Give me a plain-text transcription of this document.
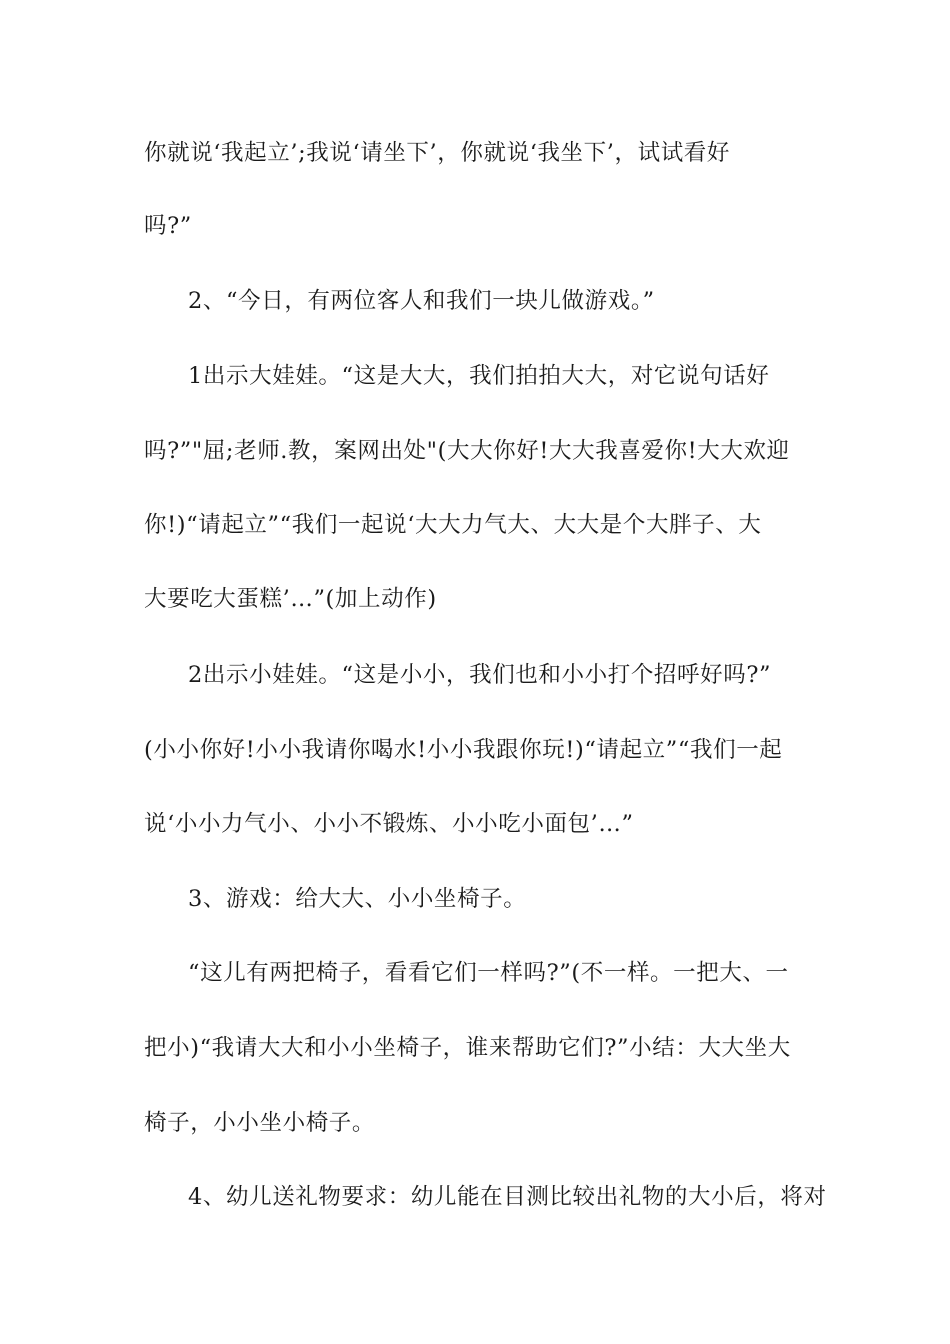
你就说‘我起立’;我说‘请坐下’，你就说‘我坐下’，试试看好
吗?”
2、“今日，有两位客人和我们一块儿做游戏。”
1出示大娃娃。“这是大大，我们拍拍大大，对它说句话好
吗?”"屈;老师.教，案网出处"(大大你好!大大我喜爱你!大大欢迎
你!)“请起立”“我们一起说‘大大力气大、大大是个大胖子、大
大要吃大蛋糕’…”(加上动作)
2出示小娃娃。“这是小小，我们也和小小打个招呼好吗?”
(小小你好!小小我请你喝水!小小我跟你玩!)“请起立”“我们一起
说‘小小力气小、小小不锻炼、小小吃小面包’…”
3、游戏：给大大、小小坐椅子。
“这儿有两把椅子，看看它们一样吗?”(不一样。一把大、一
把小)“我请大大和小小坐椅子，谁来帮助它们?”小结：大大坐大
椅子，小小坐小椅子。
4、幼儿送礼物要求：幼儿能在目测比较出礼物的大小后，将对
